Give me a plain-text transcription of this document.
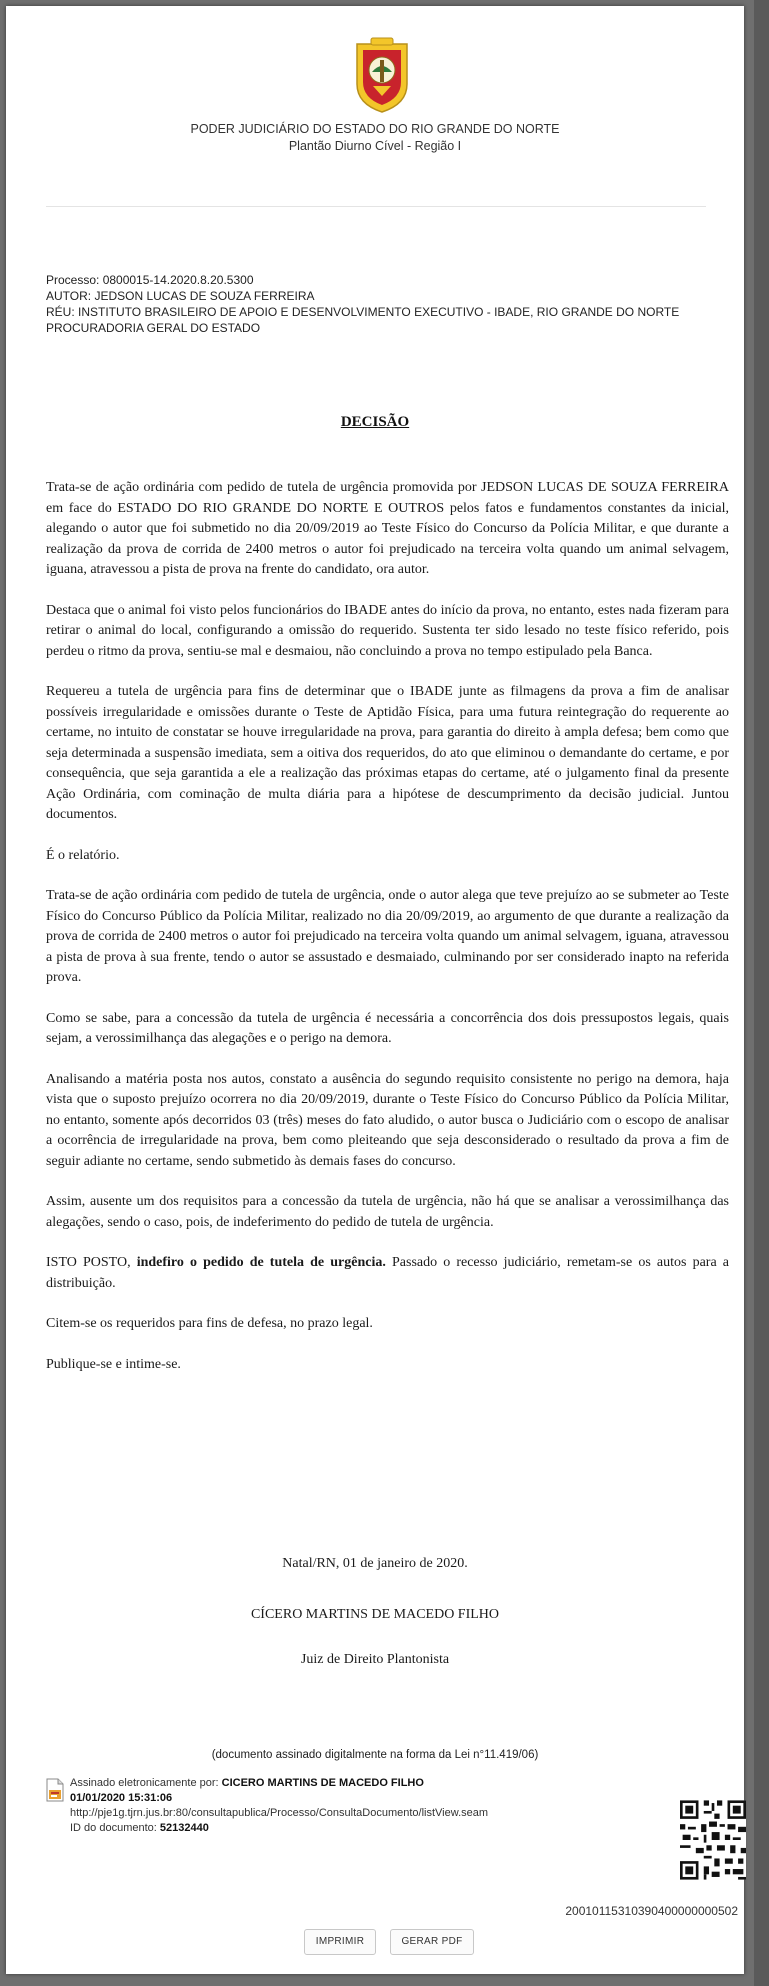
PODER JUDICIÁRIO DO ESTADO DO RIO GRANDE DO NORTE
Plantão Diurno Cível - Região I
Processo: 0800015-14.2020.8.20.5300
AUTOR: JEDSON LUCAS DE SOUZA FERREIRA
RÉU: INSTITUTO BRASILEIRO DE APOIO E DESENVOLVIMENTO EXECUTIVO - IBADE, RIO GRANDE DO NORTE PROCURADORIA GERAL DO ESTADO
DECISÃO

Trata-se de ação ordinária com pedido de tutela de urgência promovida por JEDSON LUCAS DE SOUZA FERREIRA em face do ESTADO DO RIO GRANDE DO NORTE E OUTROS pelos fatos e fundamentos constantes da inicial, alegando o autor que foi submetido no dia 20/09/2019 ao Teste Físico do Concurso da Polícia Militar, e que durante a realização da prova de corrida de 2400 metros o autor foi prejudicado na terceira volta quando um animal selvagem, iguana, atravessou a pista de prova na frente do candidato, ora autor.

Destaca que o animal foi visto pelos funcionários do IBADE antes do início da prova, no entanto, estes nada fizeram para retirar o animal do local, configurando a omissão do requerido. Sustenta ter sido lesado no teste físico referido, pois perdeu o ritmo da prova, sentiu-se mal e desmaiou, não concluindo a prova no tempo estipulado pela Banca.

Requereu a tutela de urgência para fins de determinar que o IBADE junte as filmagens da prova a fim de analisar possíveis irregularidade e omissões durante o Teste de Aptidão Física, para uma futura reintegração do requerente ao certame, no intuito de constatar se houve irregularidade na prova, para garantia do direito à ampla defesa; bem como que seja determinada a suspensão imediata, sem a oitiva dos requeridos, do ato que eliminou o demandante do certame, e por consequência, que seja garantida a ele a realização das próximas etapas do certame, até o julgamento final da presente Ação Ordinária, com cominação de multa diária para a hipótese de descumprimento da decisão judicial. Juntou documentos.

É o relatório.

Trata-se de ação ordinária com pedido de tutela de urgência, onde o autor alega que teve prejuízo ao se submeter ao Teste Físico do Concurso Público da Polícia Militar, realizado no dia 20/09/2019, ao argumento de que durante a realização da prova de corrida de 2400 metros o autor foi prejudicado na terceira volta quando um animal selvagem, iguana, atravessou a pista de prova à sua frente, tendo o autor se assustado e desmaiado, culminando por ser considerado inapto na referida prova.

Como se sabe, para a concessão da tutela de urgência é necessária a concorrência dos dois pressupostos legais, quais sejam, a verossimilhança das alegações e o perigo na demora.

Analisando a matéria posta nos autos, constato a ausência do segundo requisito consistente no perigo na demora, haja vista que o suposto prejuízo ocorrera no dia 20/09/2019, durante o Teste Físico do Concurso Público da Polícia Militar, no entanto, somente após decorridos 03 (três) meses do fato aludido, o autor busca o Judiciário com o escopo de analisar a ocorrência de irregularidade na prova, bem como pleiteando que seja desconsiderado o resultado da prova a fim de seguir adiante no certame, sendo submetido às demais fases do concurso.

Assim, ausente um dos requisitos para a concessão da tutela de urgência, não há que se analisar a verossimilhança das alegações, sendo o caso, pois, de indeferimento do pedido de tutela de urgência.

ISTO POSTO, indefiro o pedido de tutela de urgência. Passado o recesso judiciário, remetam-se os autos para a distribuição.

Citem-se os requeridos para fins de defesa, no prazo legal.

Publique-se e intime-se.

Natal/RN, 01 de janeiro de 2020.
CÍCERO MARTINS DE MACEDO FILHO
Juiz de Direito Plantonista
(documento assinado digitalmente na forma da Lei n°11.419/06)
Assinado eletronicamente por: CICERO MARTINS DE MACEDO FILHO
01/01/2020 15:31:06
http://pje1g.tjrn.jus.br:80/consultapublica/Processo/ConsultaDocumento/listView.seam
ID do documento: 52132440
20010115310390400000000502
IMPRIMIR	GERAR PDF
